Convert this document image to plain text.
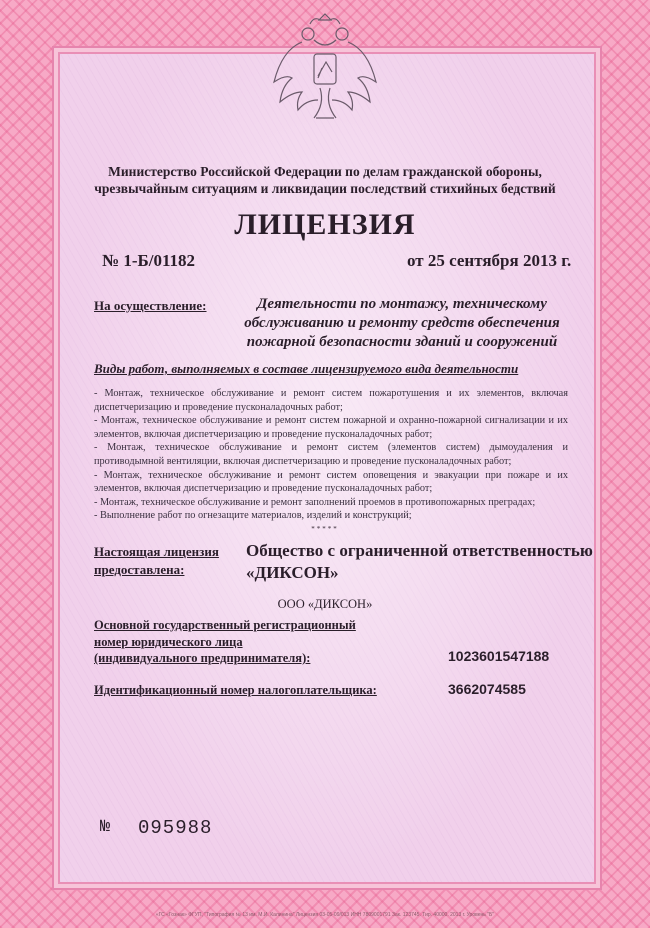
Министерство Российской Федерации по делам гражданской обороны,
чрезвычайным ситуациям и ликвидации последствий стихийных бедствий
ЛИЦЕНЗИЯ
№ 1-Б/01182	от 25 сентября 2013 г.
На осуществление:	Деятельности по монтажу, техническому
обслуживанию и ремонту средств обеспечения
пожарной безопасности зданий и сооружений
Виды работ, выполняемых в составе лицензируемого вида деятельности
- Монтаж, техническое обслуживание и ремонт систем пожаротушения и их элементов, включая диспетчеризацию и проведение пусконаладочных работ;
- Монтаж, техническое обслуживание и ремонт систем пожарной и охранно-пожарной сигнализации и их элементов, включая диспетчеризацию и проведение пусконаладочных работ;
- Монтаж, техническое обслуживание и ремонт систем (элементов систем) дымоудаления и противодымной вентиляции, включая диспетчеризацию и проведение пусконаладочных работ;
- Монтаж, техническое обслуживание и ремонт систем оповещения и эвакуации при пожаре и их элементов, включая диспетчеризацию и проведение пусконаладочных работ;
- Монтаж, техническое обслуживание и ремонт заполнений проемов в противопожарных преградах;
- Выполнение работ по огнезащите материалов, изделий и конструкций;
*****
Настоящая лицензия
предоставлена:
Общество с ограниченной ответственностью
«ДИКСОН»
ООО «ДИКСОН»
Основной государственный регистрационный
номер юридического лица
(индивидуального предпринимателя):	1023601547188
Идентификационный номер налогоплательщика:	3662074585
№ 095988
«ГС «Гознак» ФГУП, "Типография № 13 им. М.И. Калинина" Лицензия 03-05-09/013 ИНН 7809001791 Зак. 123745. Тир. 40000. 2013 г. Уровень "Б"
